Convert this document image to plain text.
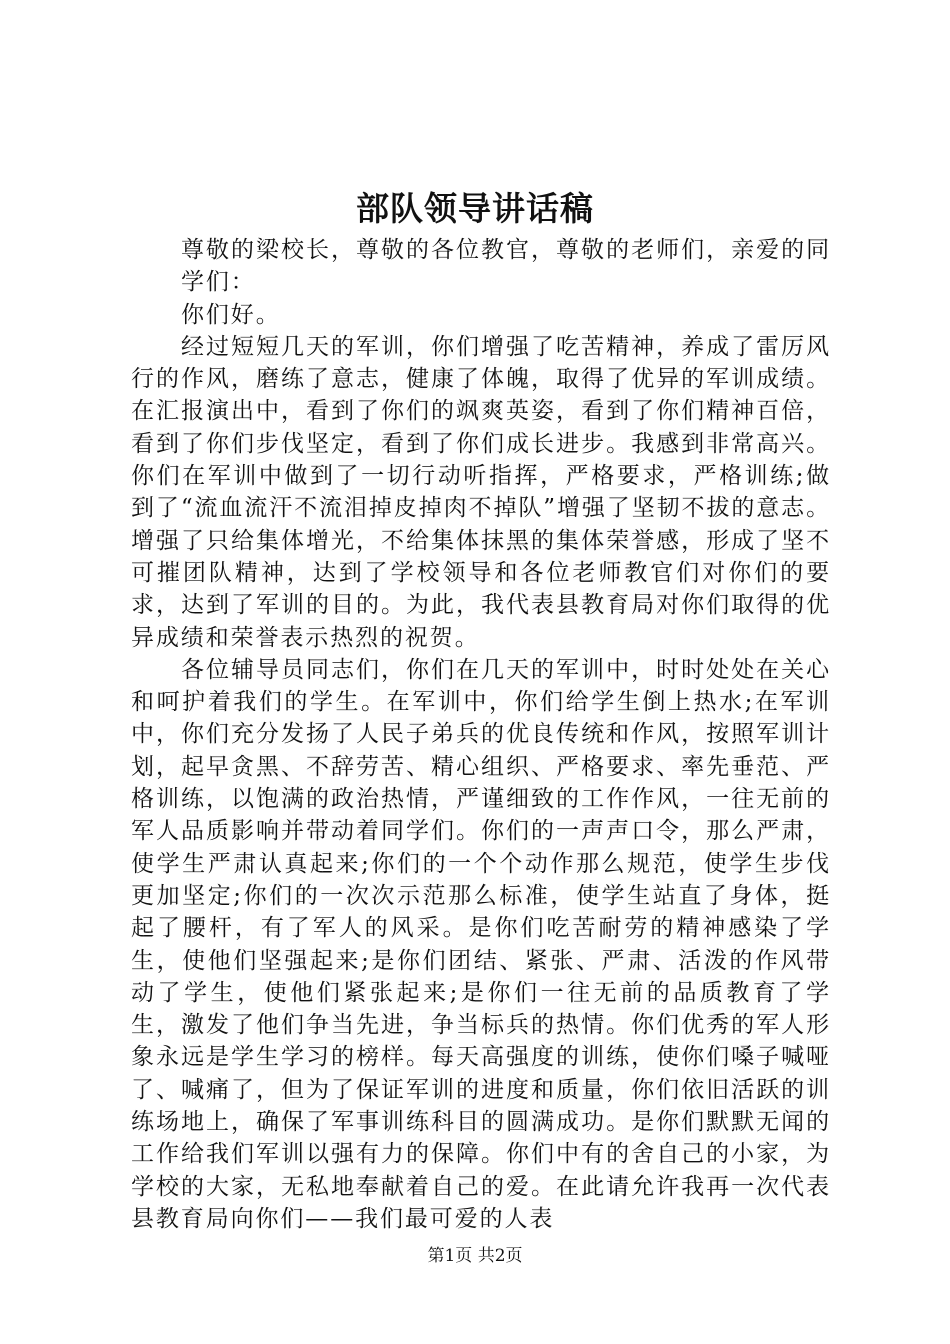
部队领导讲话稿

尊敬的梁校长，尊敬的各位教官，尊敬的老师们，亲爱的同学们：

你们好。

经过短短几天的军训，你们增强了吃苦精神，养成了雷厉风行的作风，磨练了意志，健康了体魄，取得了优异的军训成绩。在汇报演出中，看到了你们的飒爽英姿，看到了你们精神百倍，看到了你们步伐坚定，看到了你们成长进步。我感到非常高兴。你们在军训中做到了一切行动听指挥，严格要求，严格训练;做到了“流血流汗不流泪掉皮掉肉不掉队”增强了坚韧不拔的意志。增强了只给集体增光，不给集体抹黑的集体荣誉感，形成了坚不可摧团队精神，达到了学校领导和各位老师教官们对你们的要求，达到了军训的目的。为此，我代表县教育局对你们取得的优异成绩和荣誉表示热烈的祝贺。

各位辅导员同志们，你们在几天的军训中，时时处处在关心和呵护着我们的学生。在军训中，你们给学生倒上热水;在军训中，你们充分发扬了人民子弟兵的优良传统和作风，按照军训计划，起早贪黑、不辞劳苦、精心组织、严格要求、率先垂范、严格训练，以饱满的政治热情，严谨细致的工作作风，一往无前的军人品质影响并带动着同学们。你们的一声声口令，那么严肃，使学生严肃认真起来;你们的一个个动作那么规范，使学生步伐更加坚定;你们的一次次示范那么标准，使学生站直了身体，挺起了腰杆，有了军人的风采。是你们吃苦耐劳的精神感染了学生，使他们坚强起来;是你们团结、紧张、严肃、活泼的作风带动了学生，使他们紧张起来;是你们一往无前的品质教育了学生，激发了他们争当先进，争当标兵的热情。你们优秀的军人形象永远是学生学习的榜样。每天高强度的训练，使你们嗓子喊哑了、喊痛了，但为了保证军训的进度和质量，你们依旧活跃的训练场地上，确保了军事训练科目的圆满成功。是你们默默无闻的工作给我们军训以强有力的保障。你们中有的舍自己的小家，为学校的大家，无私地奉献着自己的爱。在此请允许我再一次代表县教育局向你们——我们最可爱的人表

第1页 共2页
